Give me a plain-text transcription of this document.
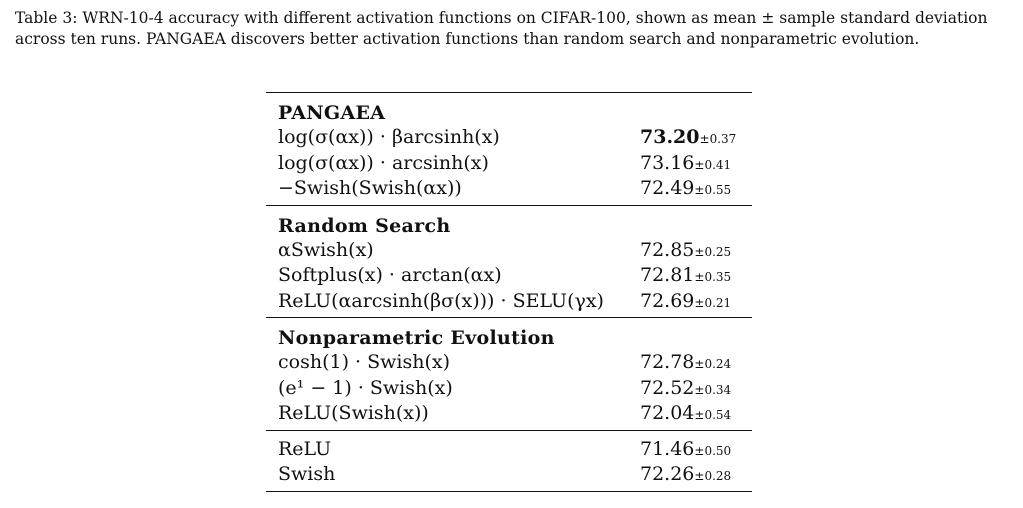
Table 3: WRN-10-4 accuracy with different activation functions on CIFAR-100, shown as mean ± sample standard deviation across ten runs. PANGAEA discovers better activation functions than random search and nonparametric evolution.
PANGAEA
log(σ(αx)) · βarcsinh(x)	73.20±0.37
log(σ(αx)) · arcsinh(x)	73.16±0.41
−Swish(Swish(αx))	72.49±0.55
Random Search
αSwish(x)	72.85±0.25
Softplus(x) · arctan(αx)	72.81±0.35
ReLU(αarcsinh(βσ(x))) · SELU(γx) 72.69±0.21
Nonparametric Evolution
cosh(1) · Swish(x)	72.78±0.24
(e¹ − 1) · Swish(x)	72.52±0.34
ReLU(Swish(x))	72.04±0.54
ReLU	71.46±0.50
Swish	72.26±0.28
